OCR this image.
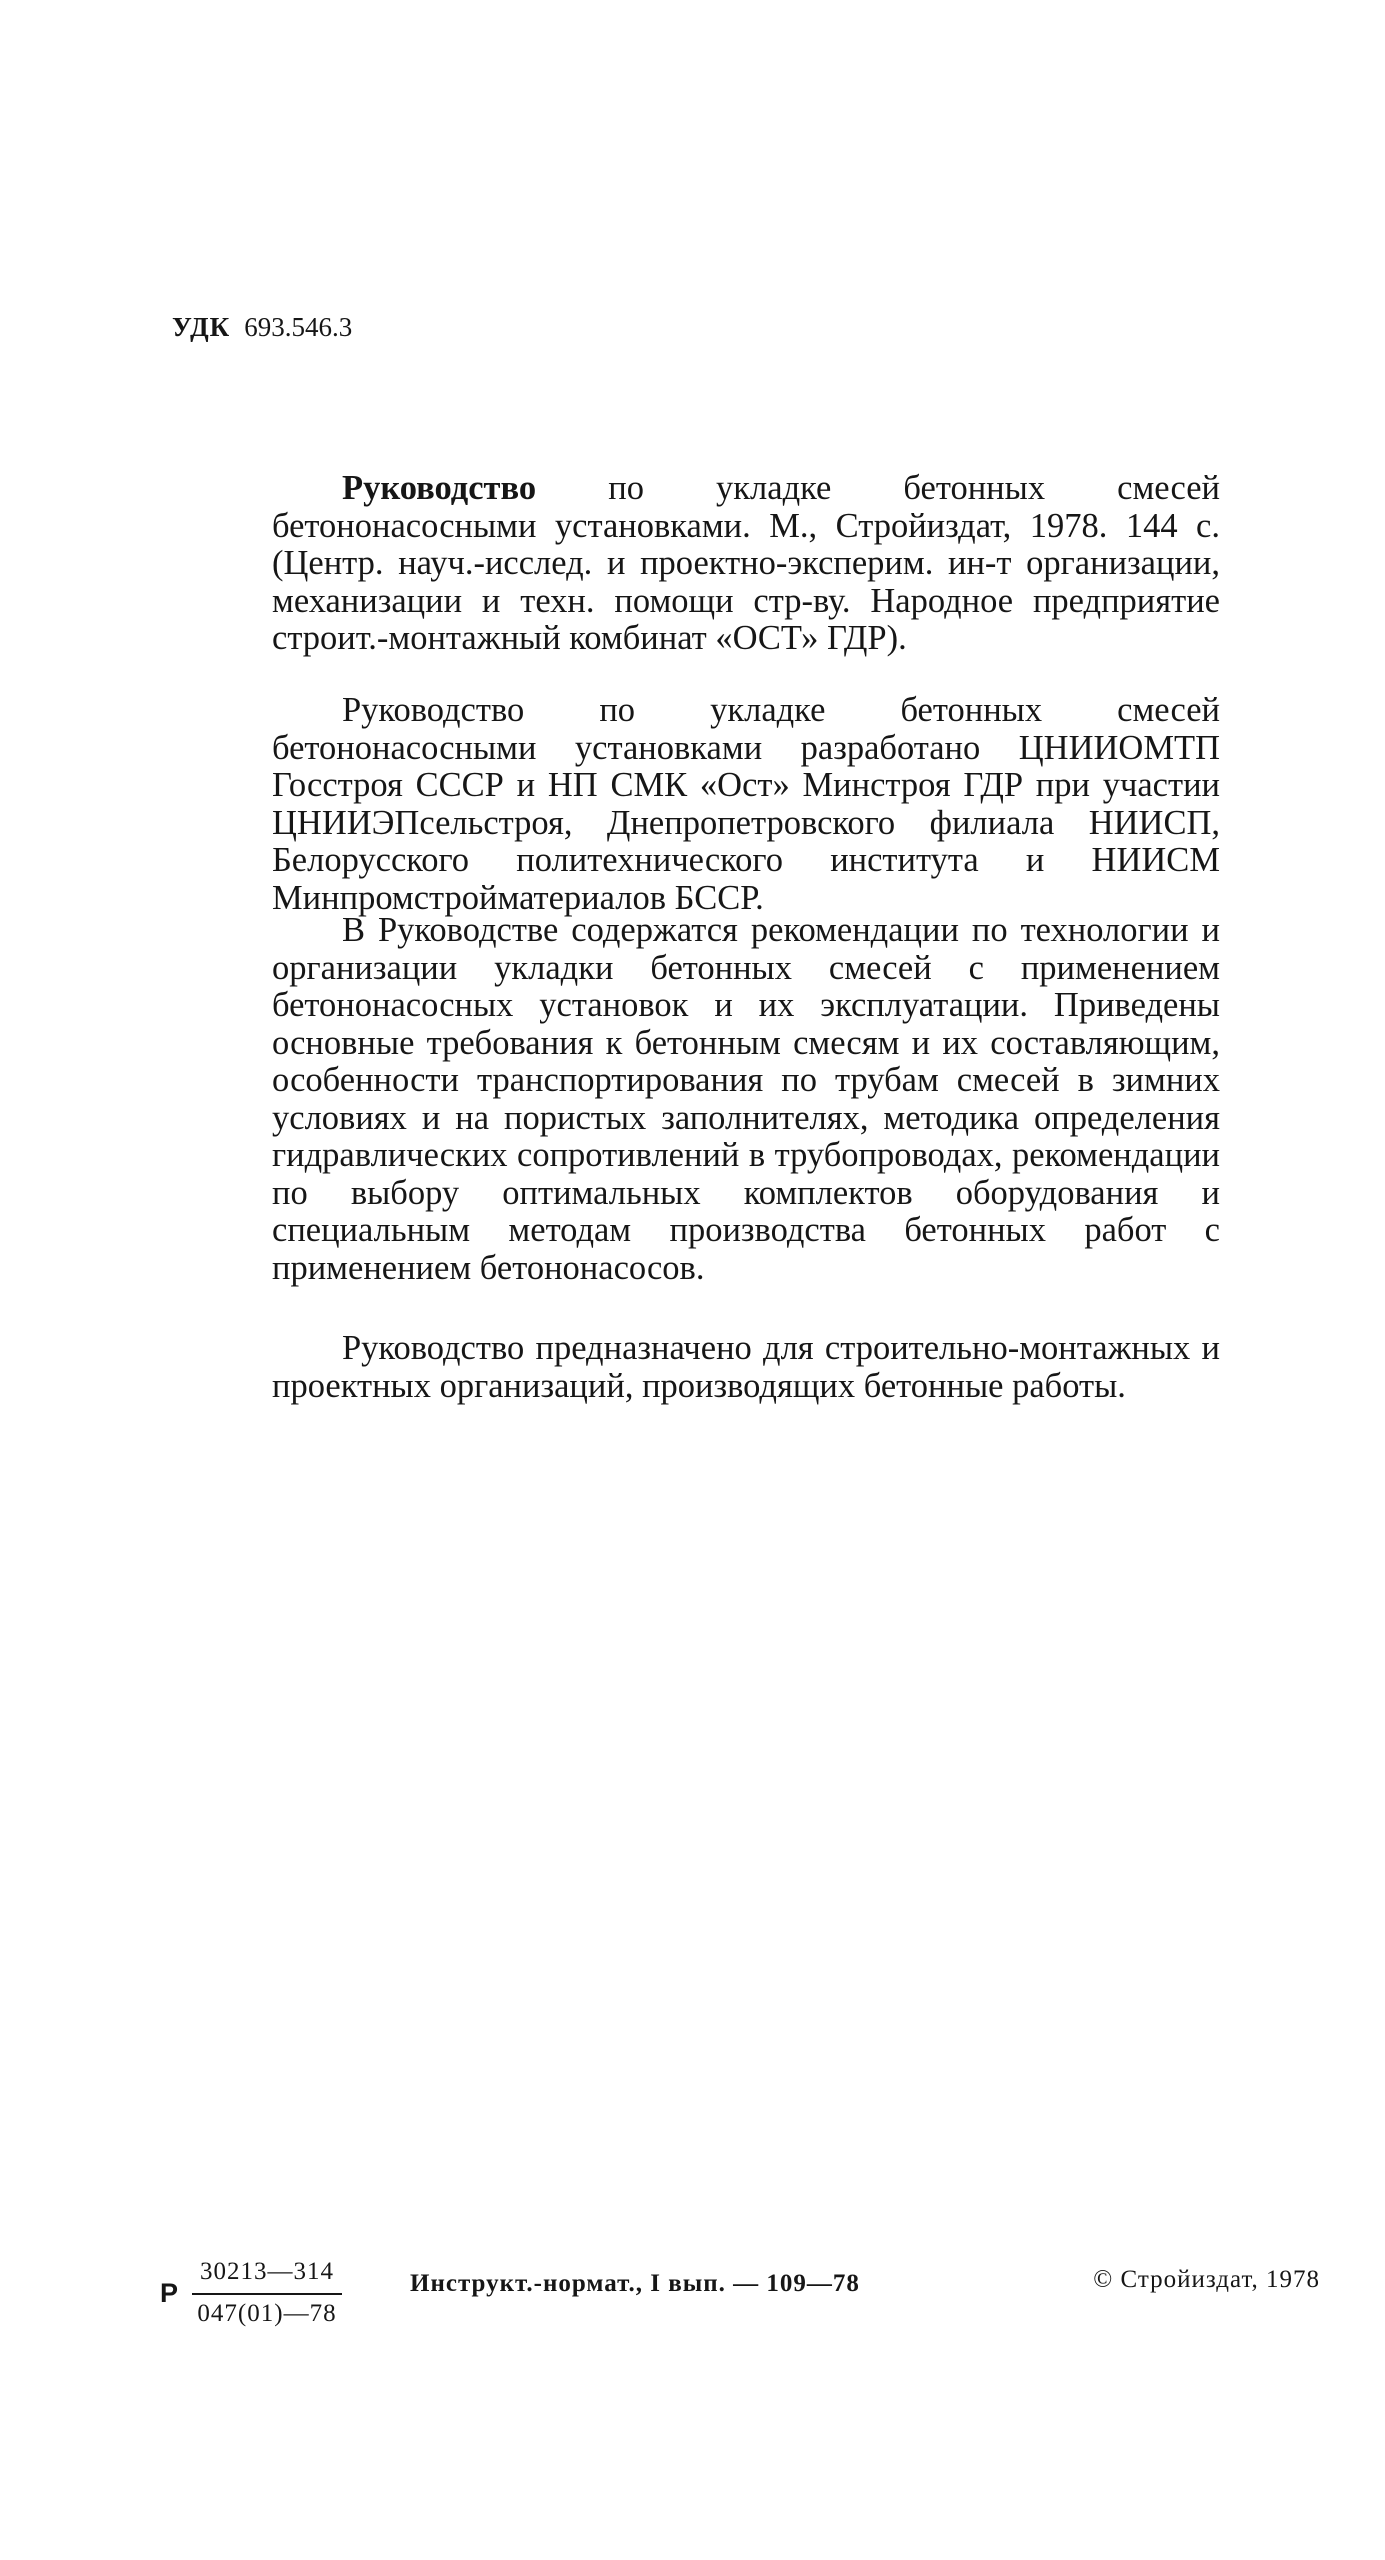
УДК 693.546.3

Руководство по укладке бетонных смесей бетононасосными установками. М., Стройиздат, 1978. 144 с. (Центр. науч.-исслед. и проектно-эксперим. ин-т организации, механизации и техн. помощи стр-ву. Народное предприятие строит.-монтажный комбинат «ОСТ» ГДР).

Руководство по укладке бетонных смесей бетононасосными установками разработано ЦНИИОМТП Госстроя СССР и НП СМК «Ост» Минстроя ГДР при участии ЦНИИЭПсельстроя, Днепропетровского филиала НИИСП, Белорусского политехнического института и НИИСМ Минпромстройматериалов БССР.

В Руководстве содержатся рекомендации по технологии и организации укладки бетонных смесей с применением бетононасосных установок и их эксплуатации. Приведены основные требования к бетонным смесям и их составляющим, особенности транспортирования по трубам смесей в зимних условиях и на пористых заполнителях, методика определения гидравлических сопротивлений в трубопроводах, рекомендации по выбору оптимальных комплектов оборудования и специальным методам производства бетонных работ с применением бетононасосов.

Руководство предназначено для строительно-монтажных и проектных организаций, производящих бетонные работы.

Р
30213—314
047(01)—78
Инструкт.-нормат., I вып. — 109—78	© Стройиздат, 1978
